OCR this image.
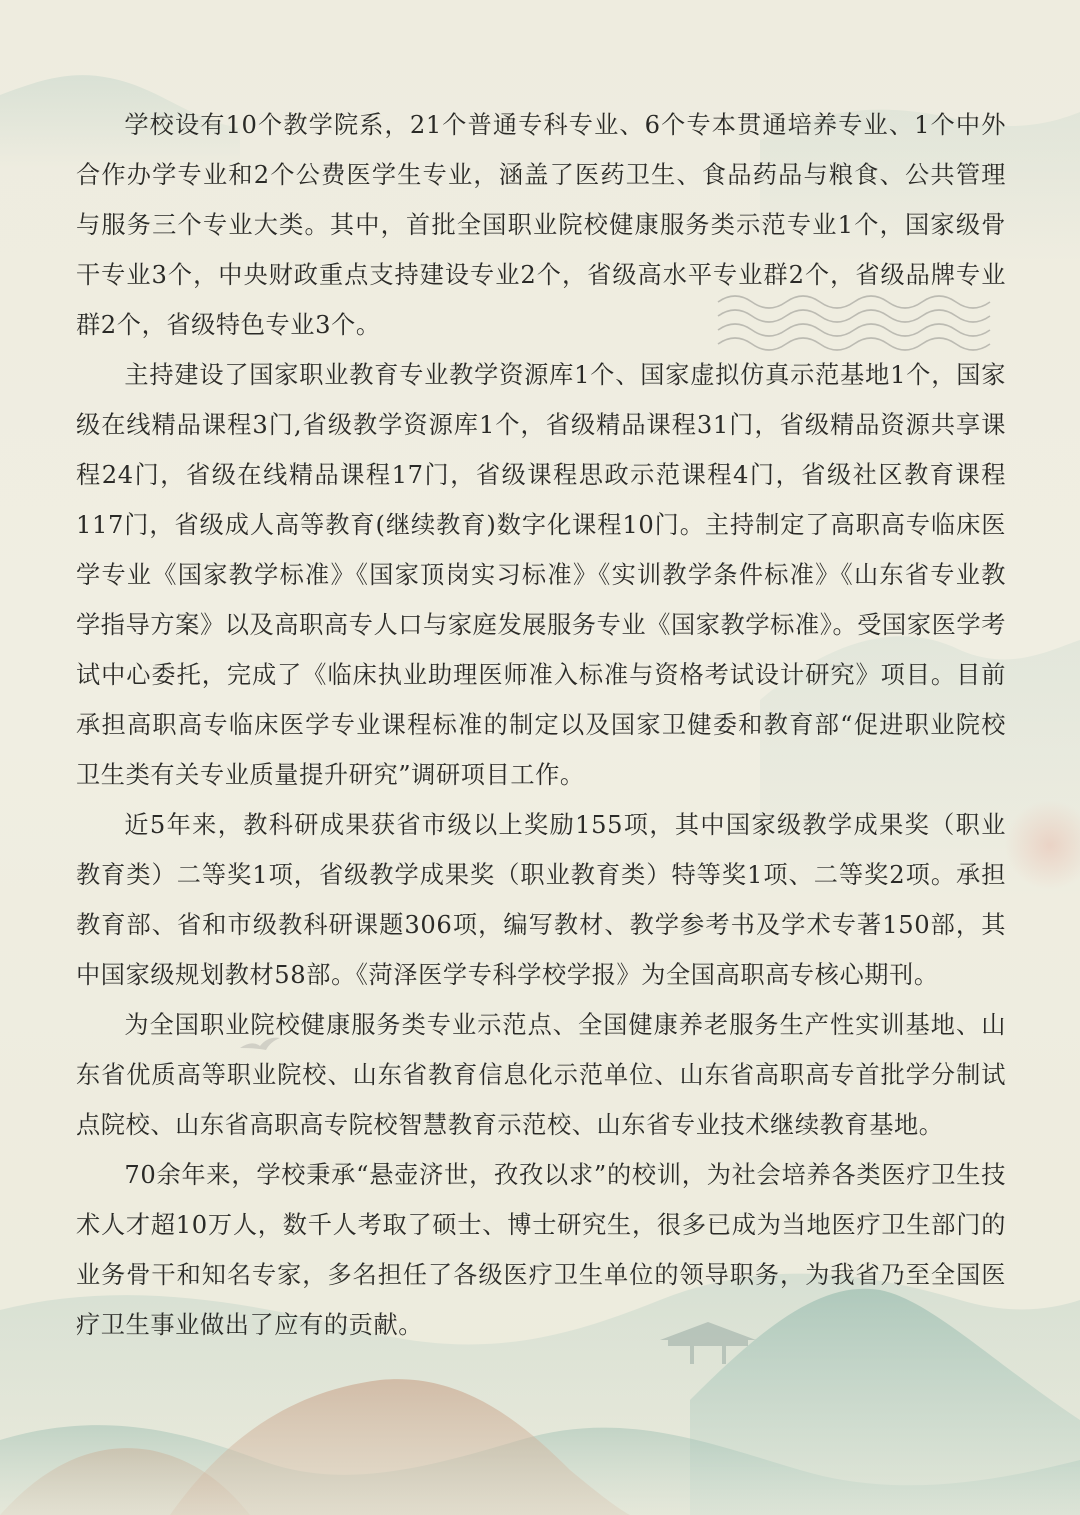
学校设有10个教学院系，21个普通专科专业、6个专本贯通培养专业、1个中外合作办学专业和2个公费医学生专业，涵盖了医药卫生、食品药品与粮食、公共管理与服务三个专业大类。其中，首批全国职业院校健康服务类示范专业1个，国家级骨干专业3个，中央财政重点支持建设专业2个，省级高水平专业群2个，省级品牌专业群2个，省级特色专业3个。

主持建设了国家职业教育专业教学资源库1个、国家虚拟仿真示范基地1个，国家级在线精品课程3门,省级教学资源库1个，省级精品课程31门，省级精品资源共享课程24门，省级在线精品课程17门，省级课程思政示范课程4门，省级社区教育课程117门，省级成人高等教育(继续教育)数字化课程10门。主持制定了高职高专临床医学专业《国家教学标准》《国家顶岗实习标准》《实训教学条件标准》《山东省专业教学指导方案》以及高职高专人口与家庭发展服务专业《国家教学标准》。受国家医学考试中心委托，完成了《临床执业助理医师准入标准与资格考试设计研究》项目。目前承担高职高专临床医学专业课程标准的制定以及国家卫健委和教育部“促进职业院校卫生类有关专业质量提升研究”调研项目工作。

近5年来，教科研成果获省市级以上奖励155项，其中国家级教学成果奖（职业教育类）二等奖1项，省级教学成果奖（职业教育类）特等奖1项、二等奖2项。承担教育部、省和市级教科研课题306项，编写教材、教学参考书及学术专著150部，其中国家级规划教材58部。《菏泽医学专科学校学报》为全国高职高专核心期刊。

为全国职业院校健康服务类专业示范点、全国健康养老服务生产性实训基地、山东省优质高等职业院校、山东省教育信息化示范单位、山东省高职高专首批学分制试点院校、山东省高职高专院校智慧教育示范校、山东省专业技术继续教育基地。

70余年来，学校秉承“悬壶济世，孜孜以求”的校训，为社会培养各类医疗卫生技术人才超10万人，数千人考取了硕士、博士研究生，很多已成为当地医疗卫生部门的业务骨干和知名专家，多名担任了各级医疗卫生单位的领导职务，为我省乃至全国医疗卫生事业做出了应有的贡献。
